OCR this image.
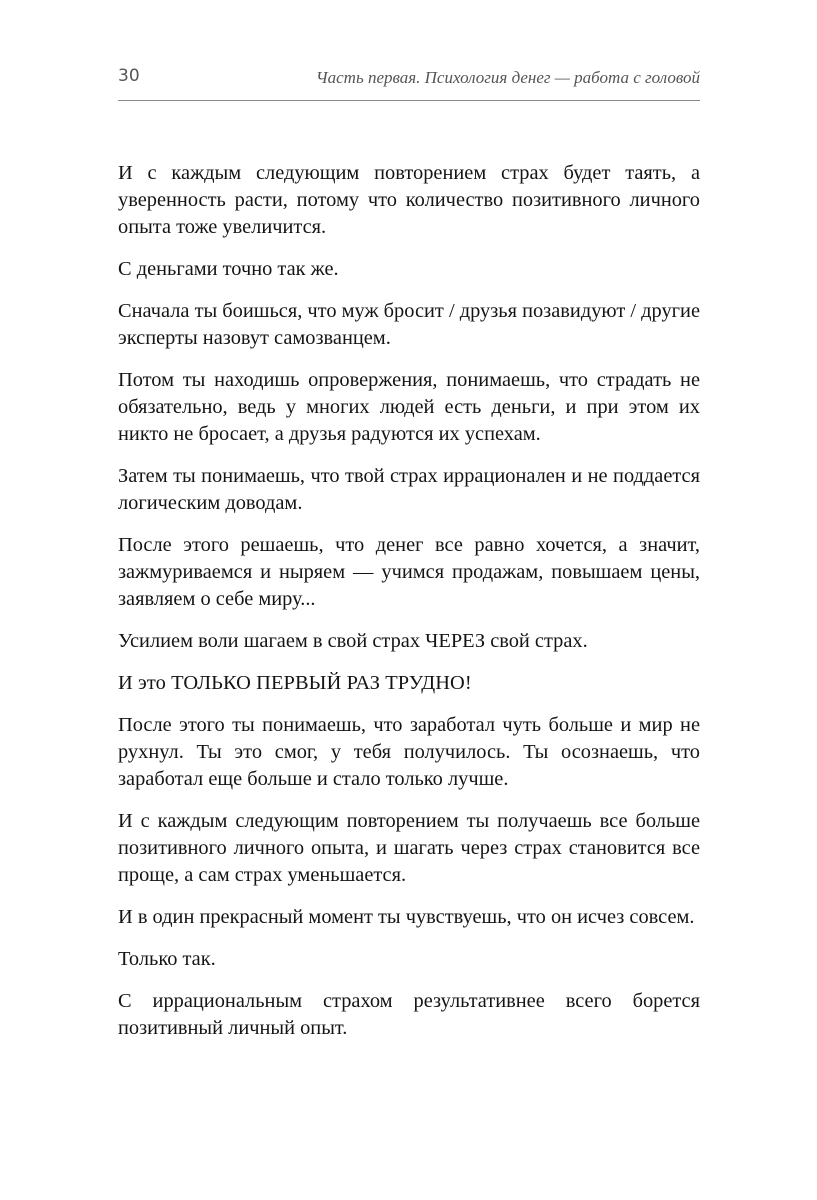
30	Часть первая. Психология денег — работа с головой

И с каждым следующим повторением страх будет таять, а уверенность расти, потому что количество позитивного личного опыта тоже увеличится.

С деньгами точно так же.

Сначала ты боишься, что муж бросит / друзья позавидуют / другие эксперты назовут самозванцем.

Потом ты находишь опровержения, понимаешь, что страдать не обязательно, ведь у многих людей есть деньги, и при этом их никто не бросает, а друзья радуются их успехам.

Затем ты понимаешь, что твой страх иррационален и не поддается логическим доводам.

После этого решаешь, что денег все равно хочется, а значит, зажмуриваемся и ныряем — учимся продажам, повышаем цены, заявляем о себе миру...

Усилием воли шагаем в свой страх ЧЕРЕЗ свой страх.

И это ТОЛЬКО ПЕРВЫЙ РАЗ ТРУДНО!

После этого ты понимаешь, что заработал чуть больше и мир не рухнул. Ты это смог, у тебя получилось. Ты осознаешь, что заработал еще больше и стало только лучше.

И с каждым следующим повторением ты получаешь все больше позитивного личного опыта, и шагать через страх становится все проще, а сам страх уменьшается.

И в один прекрасный момент ты чувствуешь, что он исчез совсем.

Только так.

С иррациональным страхом результативнее всего борется позитивный личный опыт.
